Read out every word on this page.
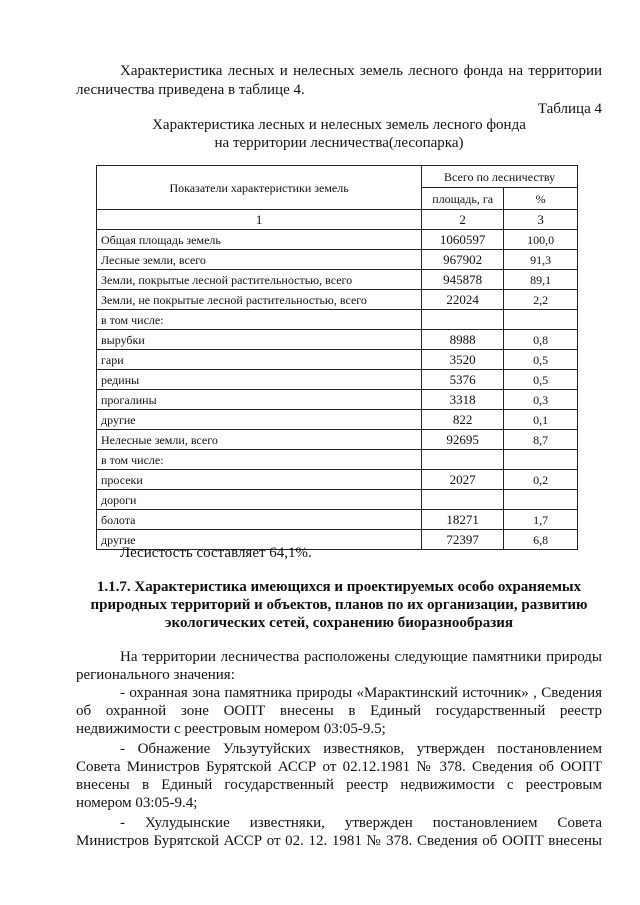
Характеристика лесных и нелесных земель лесного фонда на территории
лесничества приведена в таблице 4.
Таблица 4
Характеристика лесных и нелесных земель лесного фонда
на территории лесничества(лесопарка)
Показатели характеристики земель	Всего по лесничеству	
	площадь, га	%
1	2	3
Общая площадь земель	1060597	100,0
Лесные земли, всего	967902	91,3
Земли, покрытые лесной растительностью, всего	945878	89,1
Земли, не покрытые лесной растительностью, всего	22024	2,2
в том числе:		
вырубки	8988	0,8
гари	3520	0,5
редины	5376	0,5
прогалины	3318	0,3
другие	822	0,1
Нелесные земли, всего	92695	8,7
в том числе:		
просеки	2027	0,2
дороги		
болота	18271	1,7
другие	72397	6,8
Лесистость составляет 64,1%.
1.1.7. Характеристика имеющихся и проектируемых особо охраняемых
природных территорий и объектов, планов по их организации, развитию
экологических сетей, сохранению биоразнообразия
На территории лесничества расположены следующие памятники природы
регионального значения:
- охранная зона памятника природы «Марактинский источник» , Сведения
об охранной зоне ООПТ внесены в Единый государственный реестр
недвижимости с реестровым номером 03:05-9.5;
- Обнажение Ульзутуйских известняков, утвержден постановлением
Совета Министров Бурятской АССР от 02.12.1981 № 378. Сведения об ООПТ
внесены в Единый государственный реестр недвижимости с реестровым
номером 03:05-9.4;
- Хулудынские известняки, утвержден постановлением Совета
Министров Бурятской АССР от 02. 12. 1981 № 378. Сведения об ООПТ внесены
